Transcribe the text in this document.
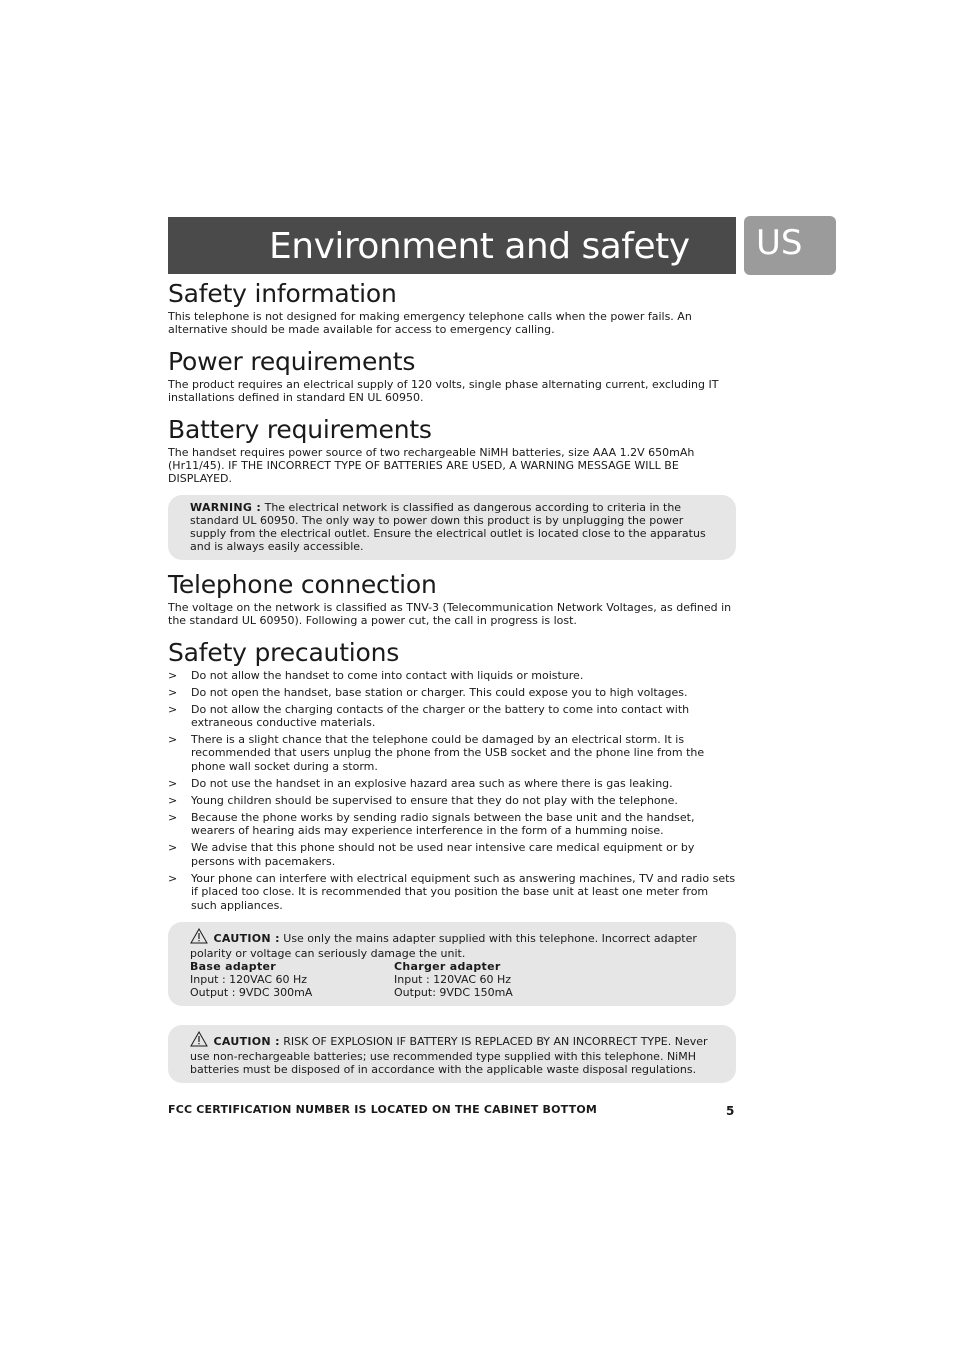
Environment and safety US
Safety information

This telephone is not designed for making emergency telephone calls when the power fails. An alternative should be made available for access to emergency calling.

Power requirements

The product requires an electrical supply of 120 volts, single phase alternating current, excluding IT installations defined in standard EN UL 60950.

Battery requirements

The handset requires power source of two rechargeable NiMH batteries, size AAA 1.2V 650mAh (Hr11/45). IF THE INCORRECT TYPE OF BATTERIES ARE USED, A WARNING MESSAGE WILL BE DISPLAYED.

WARNING : The electrical network is classified as dangerous according to criteria in the standard UL 60950. The only way to power down this product is by unplugging the power supply from the electrical outlet. Ensure the electrical outlet is located close to the apparatus and is always easily accessible.
Telephone connection

The voltage on the network is classified as TNV-3 (Telecommunication Network Voltages, as defined in the standard UL 60950). Following a power cut, the call in progress is lost.

Safety precautions
> Do not allow the handset to come into contact with liquids or moisture.
> Do not open the handset, base station or charger. This could expose you to high voltages.
> Do not allow the charging contacts of the charger or the battery to come into contact with extraneous conductive materials.
> There is a slight chance that the telephone could be damaged by an electrical storm. It is recommended that users unplug the phone from the USB socket and the phone line from the phone wall socket during a storm.
> Do not use the handset in an explosive hazard area such as where there is gas leaking.
> Young children should be supervised to ensure that they do not play with the telephone.
> Because the phone works by sending radio signals between the base unit and the handset, wearers of hearing aids may experience interference in the form of a humming noise.
> We advise that this phone should not be used near intensive care medical equipment or by persons with pacemakers.
> Your phone can interfere with electrical equipment such as answering machines, TV and radio sets if placed too close. It is recommended that you position the base unit at least one meter from such appliances.
CAUTION : Use only the mains adapter supplied with this telephone. Incorrect adapter polarity or voltage can seriously damage the unit.
Base adapter
Input : 120VAC 60 Hz
Output : 9VDC 300mA
Charger adapter
Input : 120VAC 60 Hz
Output: 9VDC 150mA
CAUTION : RISK OF EXPLOSION IF BATTERY IS REPLACED BY AN INCORRECT TYPE. Never use non-rechargeable batteries; use recommended type supplied with this telephone. NiMH batteries must be disposed of in accordance with the applicable waste disposal regulations.
FCC CERTIFICATION NUMBER IS LOCATED ON THE CABINET BOTTOM	5
